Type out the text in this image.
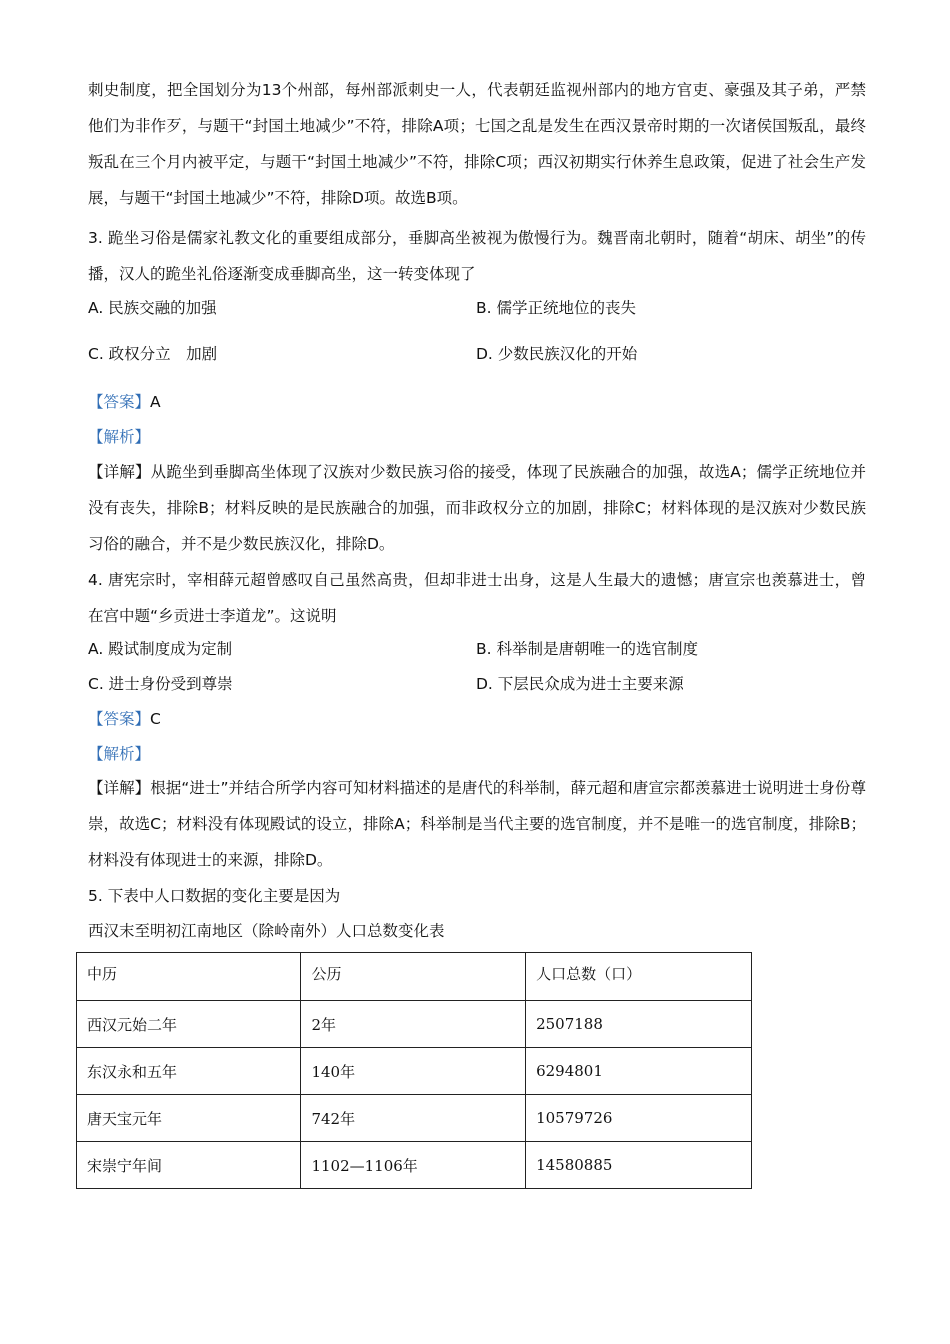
刺史制度，把全国划分为13个州部，每州部派刺史一人，代表朝廷监视州部内的地方官吏、豪强及其子弟，严禁他们为非作歹，与题干“封国土地减少”不符，排除A项；七国之乱是发生在西汉景帝时期的一次诸侯国叛乱，最终叛乱在三个月内被平定，与题干“封国土地减少”不符，排除C项；西汉初期实行休养生息政策，促进了社会生产发展，与题干“封国土地减少”不符，排除D项。故选B项。

3. 跪坐习俗是儒家礼教文化的重要组成部分，垂脚高坐被视为傲慢行为。魏晋南北朝时，随着“胡床、胡坐”的传播，汉人的跪坐礼俗逐渐变成垂脚高坐，这一转变体现了

A. 民族交融的加强	B. 儒学正统地位的丧失
C. 政权分立　加剧	D. 少数民族汉化的开始
【答案】A
【解析】

【详解】从跪坐到垂脚高坐体现了汉族对少数民族习俗的接受，体现了民族融合的加强，故选A；儒学正统地位并没有丧失，排除B；材料反映的是民族融合的加强，而非政权分立的加剧，排除C；材料体现的是汉族对少数民族习俗的融合，并不是少数民族汉化，排除D。

4. 唐宪宗时，宰相薛元超曾感叹自己虽然高贵，但却非进士出身，这是人生最大的遗憾；唐宣宗也羡慕进士，曾在宫中题“乡贡进士李道龙”。这说明

A. 殿试制度成为定制	B. 科举制是唐朝唯一的选官制度
C. 进士身份受到尊崇	D. 下层民众成为进士主要来源
【答案】C
【解析】

【详解】根据“进士”并结合所学内容可知材料描述的是唐代的科举制，薛元超和唐宣宗都羡慕进士说明进士身份尊崇，故选C；材料没有体现殿试的设立，排除A；科举制是当代主要的选官制度，并不是唯一的选官制度，排除B；材料没有体现进士的来源，排除D。

5. 下表中人口数据的变化主要是因为
西汉末至明初江南地区（除岭南外）人口总数变化表
中历	公历	人口总数（口）
西汉元始二年	2年	2507188
东汉永和五年	140年	6294801
唐天宝元年	742年	10579726
宋崇宁年间	1102—1106年	14580885
